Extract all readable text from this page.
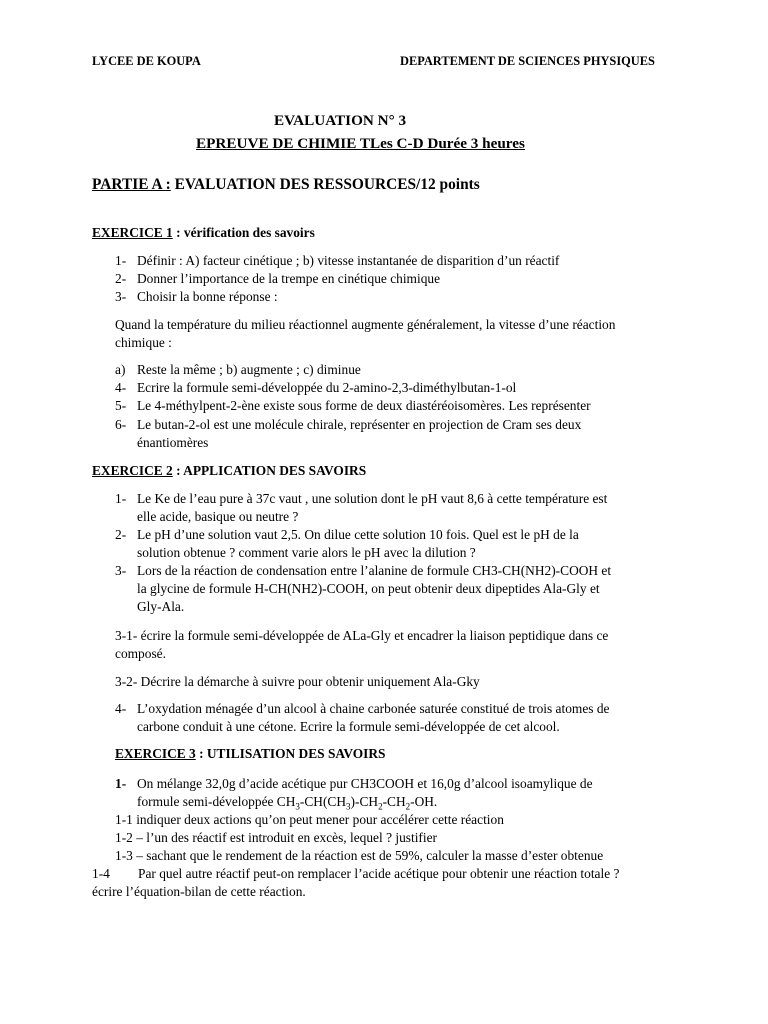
LYCEE DE KOUPA	DEPARTEMENT DE SCIENCES PHYSIQUES
EVALUATION N° 3
EPREUVE DE CHIMIE TLes C-D Durée 3 heures
PARTIE A : EVALUATION DES RESSOURCES/12 points
EXERCICE 1 : vérification des savoirs
1- Définir : A) facteur cinétique ; b) vitesse instantanée de disparition d’un réactif
2- Donner l’importance de la trempe en cinétique chimique
3- Choisir la bonne réponse :
Quand la température du milieu réactionnel augmente généralement, la vitesse d’une réaction
chimique :
a) Reste la même ; b) augmente ; c) diminue
4- Ecrire la formule semi-développée du 2-amino-2,3-diméthylbutan-1-ol
5- Le 4-méthylpent-2-ène existe sous forme de deux diastéréoisomères. Les représenter
6- Le butan-2-ol est une molécule chirale, représenter en projection de Cram ses deux
énantiomères
EXERCICE 2 : APPLICATION DES SAVOIRS
1- Le Ke de l’eau pure à 37c vaut , une solution dont le pH vaut 8,6 à cette température est
elle acide, basique ou neutre ?
2- Le pH d’une solution vaut 2,5. On dilue cette solution 10 fois. Quel est le pH de la
solution obtenue ? comment varie alors le pH avec la dilution ?
3- Lors de la réaction de condensation entre l’alanine de formule CH3-CH(NH2)-COOH et
la glycine de formule H-CH(NH2)-COOH, on peut obtenir deux dipeptides Ala-Gly et
Gly-Ala.
3-1- écrire la formule semi-développée de ALa-Gly et encadrer la liaison peptidique dans ce
composé.
3-2- Décrire la démarche à suivre pour obtenir uniquement Ala-Gky
4- L’oxydation ménagée d’un alcool à chaine carbonée saturée constitué de trois atomes de
carbone conduit à une cétone. Ecrire la formule semi-développée de cet alcool.
EXERCICE 3 : UTILISATION DES SAVOIRS
1- On mélange 32,0g d’acide acétique pur CH3COOH et 16,0g d’alcool isoamylique de
formule semi-développée $CH_3-CH(CH_3)-CH_2-CH_2-OH$.
1-1 indiquer deux actions qu’on peut mener pour accélérer cette réaction
1-2 – l’un des réactif est introduit en excès, lequel ? justifier
1-3 – sachant que le rendement de la réaction est de 59%, calculer la masse d’ester obtenue
1-4 Par quel autre réactif peut-on remplacer l’acide acétique pour obtenir une réaction totale ?
écrire l’équation-bilan de cette réaction.
